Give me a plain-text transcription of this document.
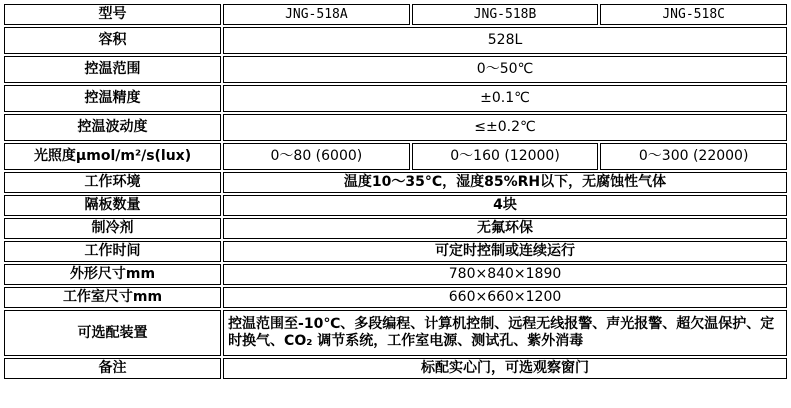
型号	JNG-518A	JNG-518B	JNG-518C
容积	528L		
控温范围	0～50℃		
控温精度	±0.1℃		
控温波动度	≤±0.2℃		
光照度μmol/m²/s(lux)	0～80 (6000)	0～160 (12000)	0～300 (22000)
工作环境	温度10～35°C，湿度85%RH以下，无腐蚀性气体		
隔板数量	4块		
制冷剂	无氟环保		
工作时间	可定时控制或连续运行		
外形尺寸mm	780×840×1890		
工作室尺寸mm	660×660×1200		
可选配装置	控温范围至-10℃、多段编程、计算机控制、远程无线报警、声光报警、超欠温保护、定时换气、CO₂ 调节系统，工作室电源、测试孔、紫外消毒		
备注	标配实心门，可选观察窗门		
